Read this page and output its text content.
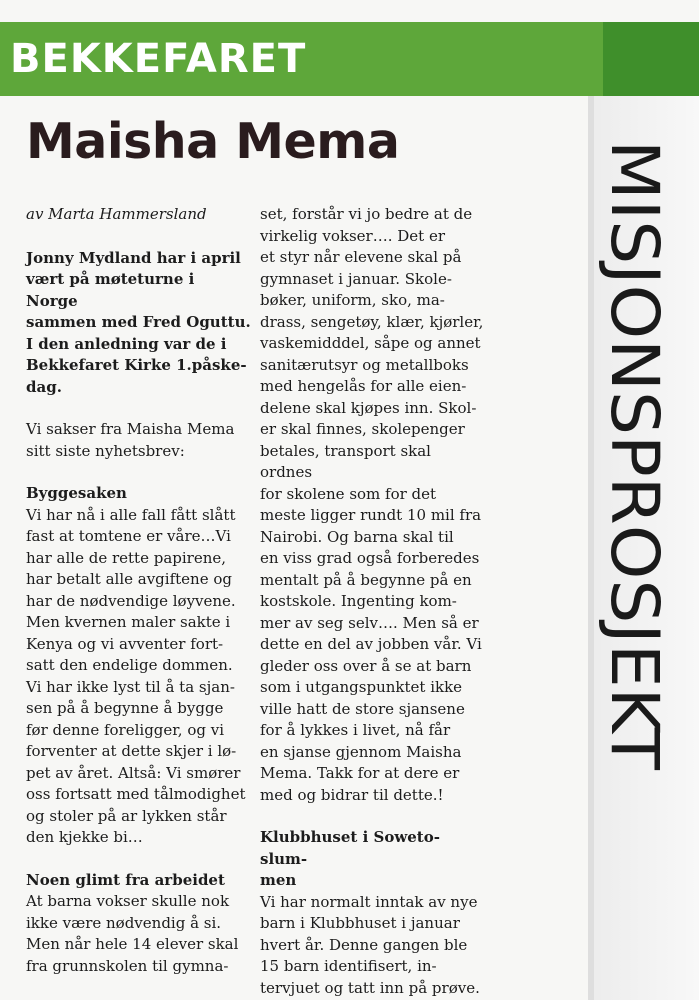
BEKKEFARET
MISJONSPROSJEKT
Maisha Mema

av Marta Hammersland

Jonny Mydland har i april

vært på møteturne i Norge

sammen med Fred Oguttu.

I den anledning var de i

Bekkefaret Kirke 1.påske-

dag.

Vi sakser fra Maisha Mema

sitt siste nyhetsbrev:

Byggesaken

Vi har nå i alle fall fått slått

fast at tomtene er våre…Vi

har alle de rette papirene,

har betalt alle avgiftene og

har de nødvendige løyvene.

Men kvernen maler sakte i

Kenya og vi avventer fort-

satt den endelige dommen.

Vi har ikke lyst til å ta sjan-

sen på å begynne å bygge

før denne foreligger, og vi

forventer at dette skjer i lø-

pet av året. Altså: Vi smører

oss fortsatt med tålmodighet

og stoler på ar lykken står

den kjekke bi…

Noen glimt fra arbeidet

At barna vokser skulle nok

ikke være nødvendig å si.

Men når hele 14 elever skal

fra grunnskolen til gymna-

set, forstår vi jo bedre at de

virkelig vokser…. Det er

et styr når elevene skal på

gymnaset i januar. Skole-

bøker, uniform, sko, ma-

drass, sengetøy, klær, kjørler,

vaskemidddel, såpe og annet

sanitærutsyr og metallboks

med hengelås for alle eien-

delene skal kjøpes inn. Skol-

er skal finnes, skolepenger

betales, transport skal ordnes

for skolene som for det

meste ligger rundt 10 mil fra

Nairobi. Og barna skal til

en viss grad også forberedes

mentalt på å begynne på en

kostskole. Ingenting kom-

mer av seg selv…. Men så er

dette en del av jobben vår. Vi

gleder oss over å se at barn

som i utgangspunktet ikke

ville hatt de store sjansene

for å lykkes i livet, nå får

en sjanse gjennom Maisha

Mema. Takk for at dere er

med og bidrar til dette.!

Klubbhuset i Soweto-slum-

men

Vi har normalt inntak av nye

barn i Klubbhuset i januar

hvert år. Denne gangen ble

15 barn identifisert, in-

tervjuet og tatt inn på prøve.
